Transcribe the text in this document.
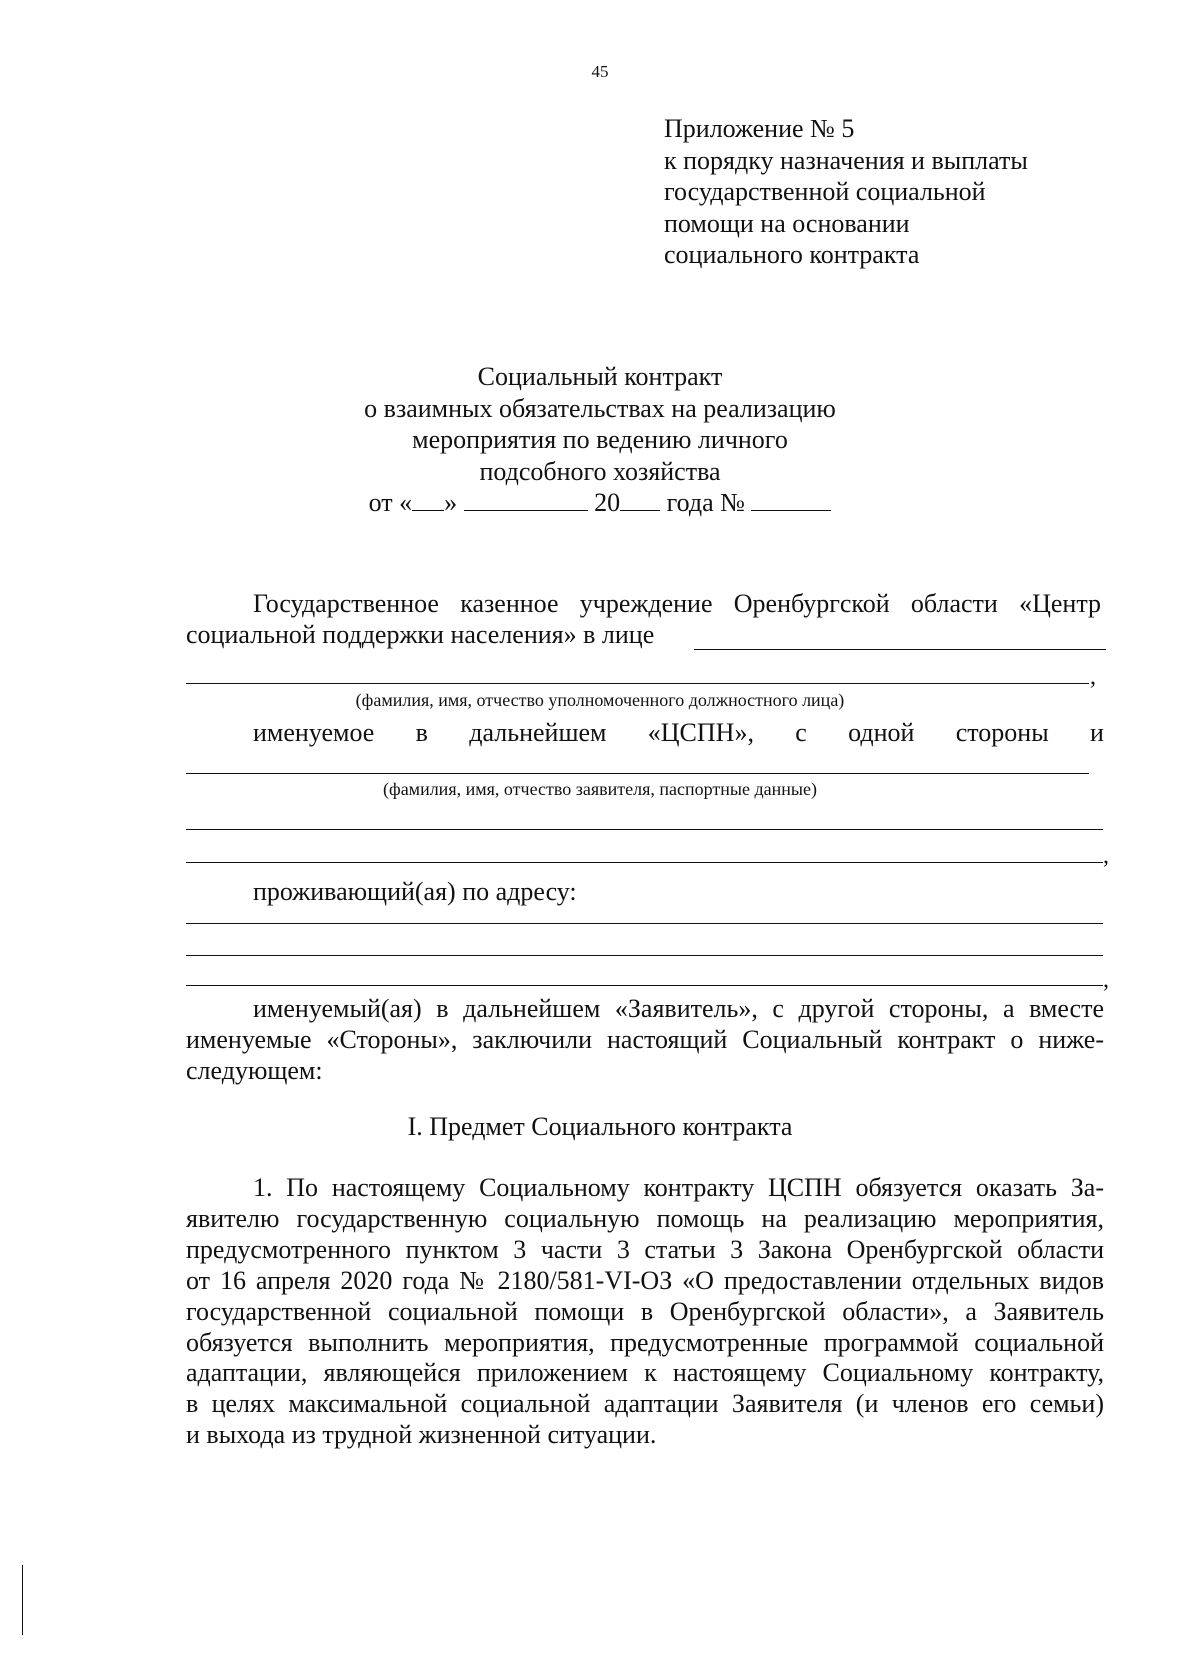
45
Приложение № 5
к порядку назначения и выплаты
государственной социальной
помощи на основании
социального контракта
Социальный контракт
о взаимных обязательствах на реализацию
мероприятия по ведению личного
подсобного хозяйства
от « »	20 года №
Государственное казенное учреждение Оренбургской области «Центр
социальной поддержки населения» в лице
,
(фамилия, имя, отчество уполномоченного должностного лица)
именуемое в дальнейшем «ЦСПН», с одной стороны и
(фамилия, имя, отчество заявителя, паспортные данные)
,
проживающий(ая) по адресу:
,
именуемый(ая) в дальнейшем «Заявитель», с другой стороны, а вместе
именуемые «Стороны», заключили настоящий Социальный контракт о ниже-
следующем:
I. Предмет Социального контракта
1. По настоящему Социальному контракту ЦСПН обязуется оказать За-
явителю государственную социальную помощь на реализацию мероприятия,
предусмотренного пунктом 3 части 3 статьи 3 Закона Оренбургской области
от 16 апреля 2020 года № 2180/581-VI-ОЗ «О предоставлении отдельных видов
государственной социальной помощи в Оренбургской области», а Заявитель
обязуется выполнить мероприятия, предусмотренные программой социальной
адаптации, являющейся приложением к настоящему Социальному контракту,
в целях максимальной социальной адаптации Заявителя (и членов его семьи)
и выхода из трудной жизненной ситуации.
